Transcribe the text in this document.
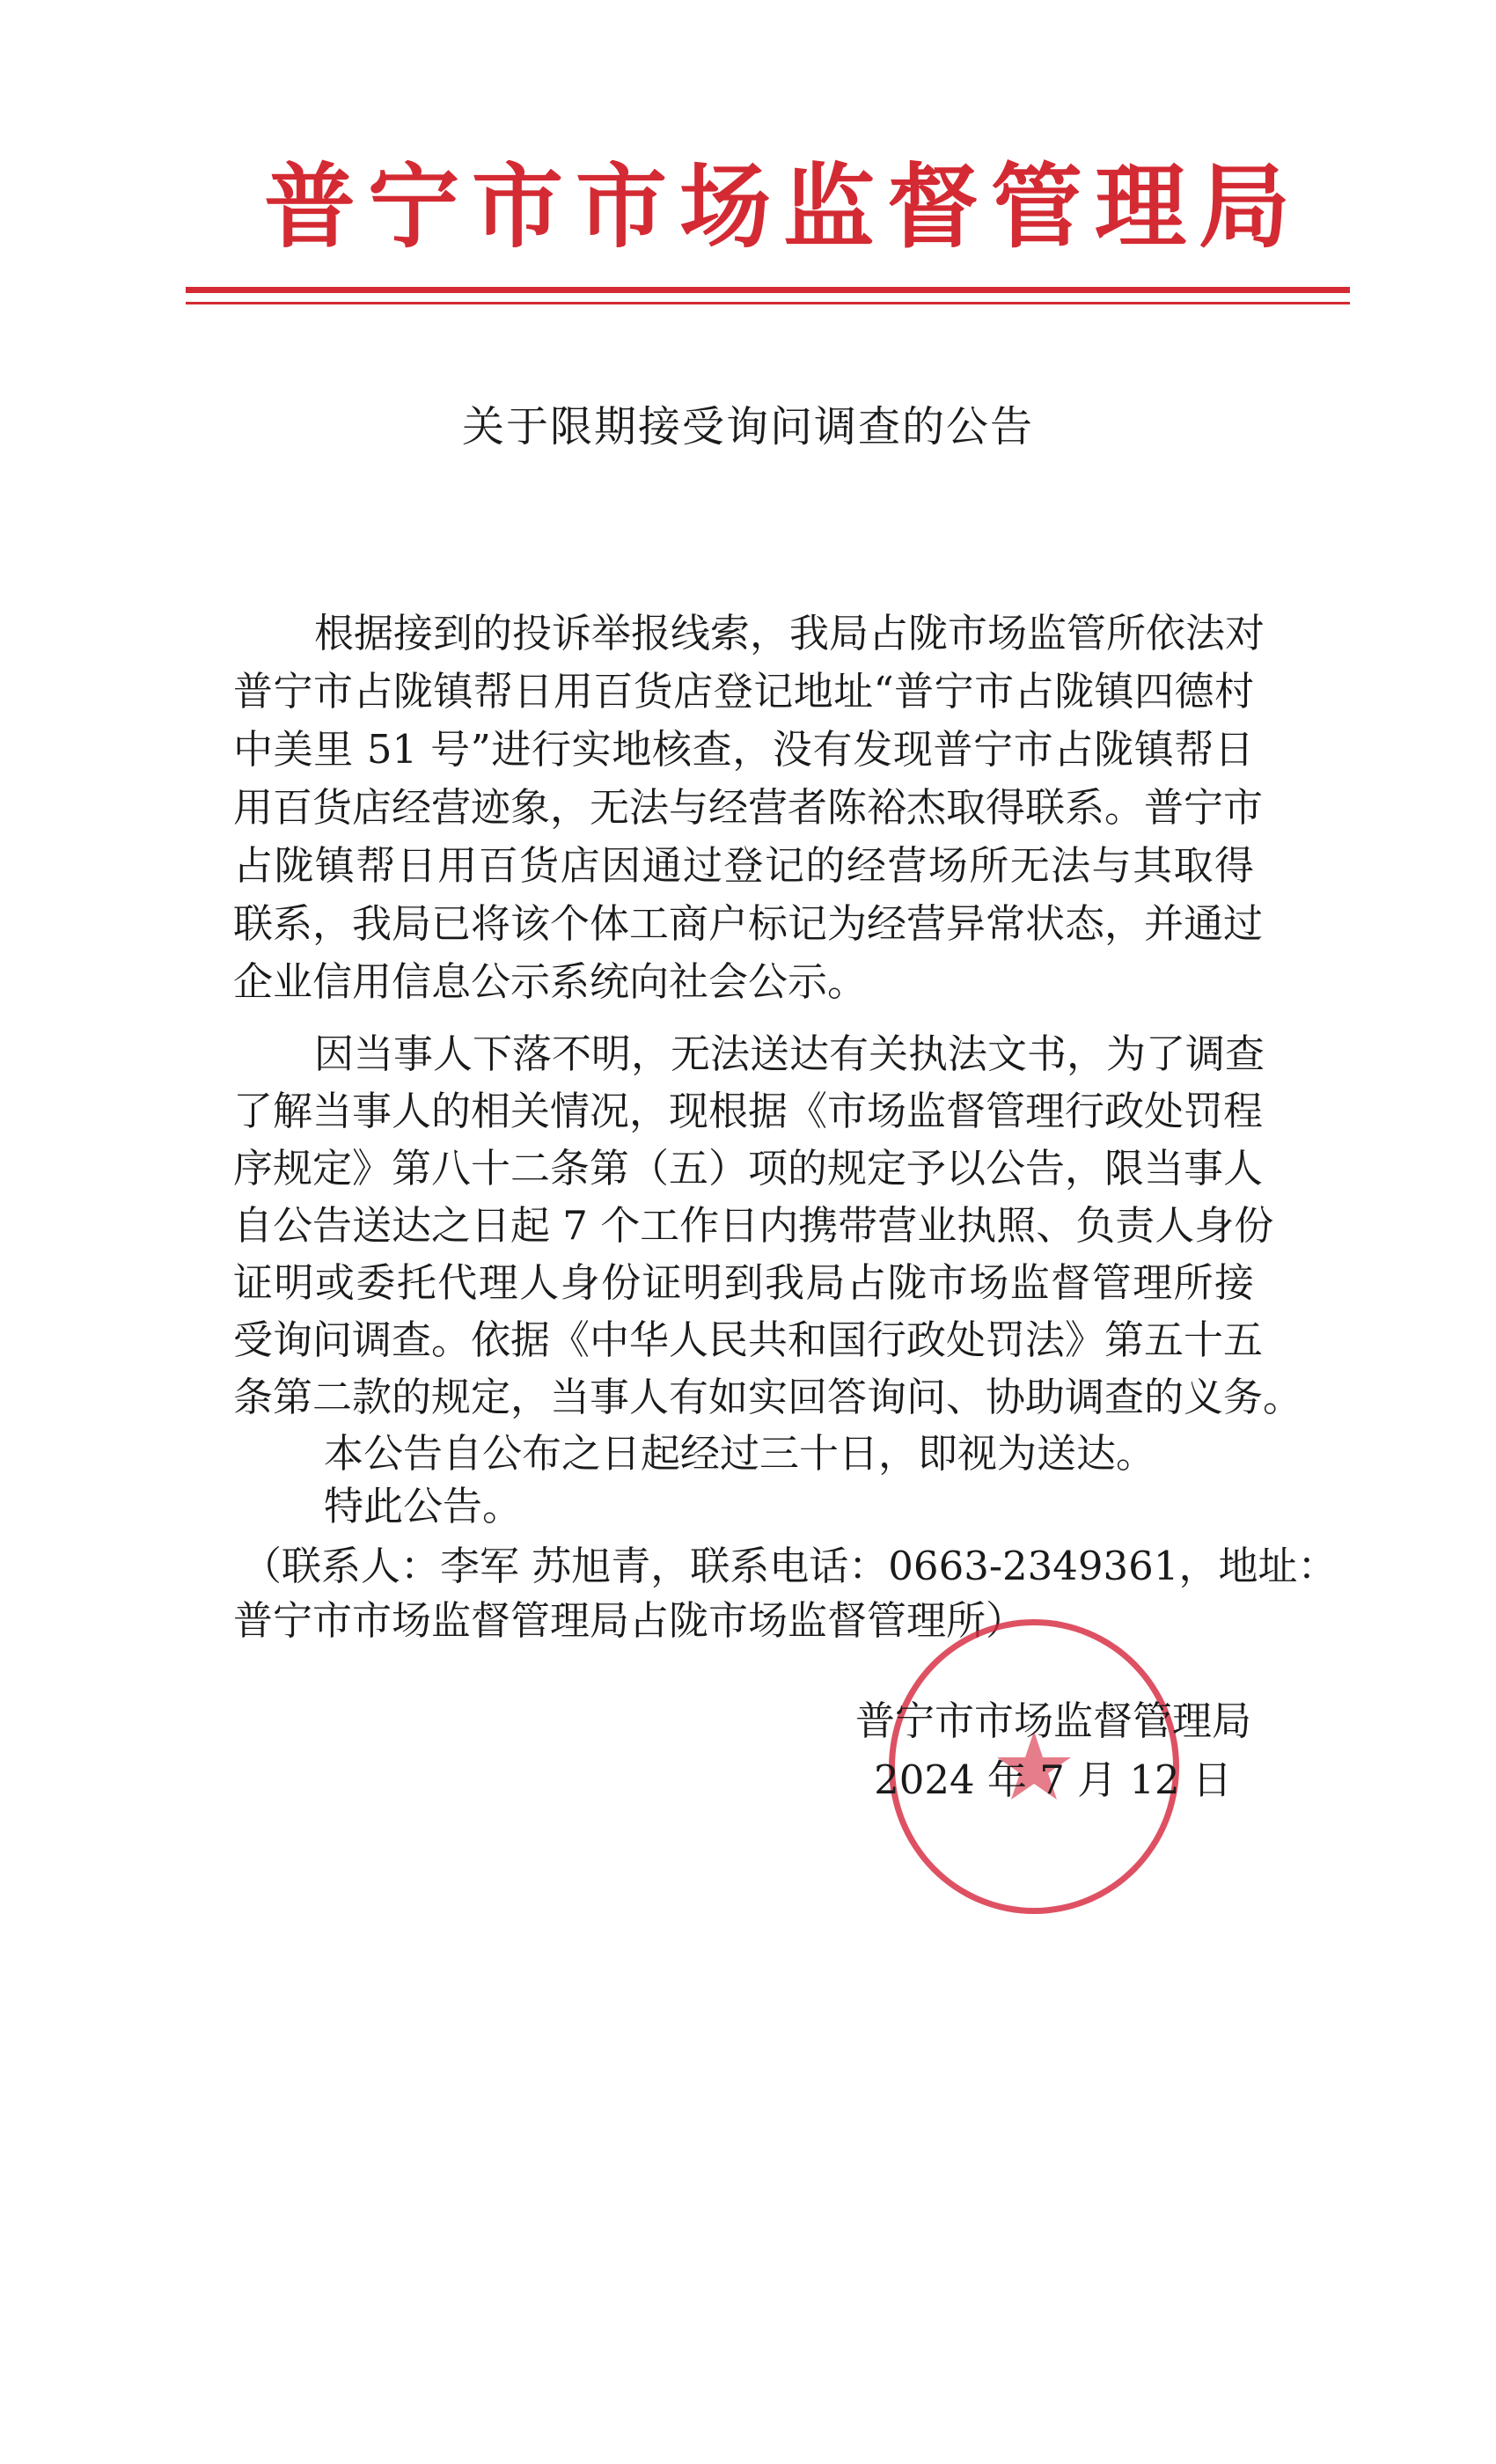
普宁市市场监督管理局
关于限期接受询问调查的公告
根据接到的投诉举报线索，我局占陇市场监管所依法对
普宁市占陇镇帮日用百货店登记地址“普宁市占陇镇四德村
中美里 51 号”进行实地核查，没有发现普宁市占陇镇帮日
用百货店经营迹象，无法与经营者陈裕杰取得联系。普宁市
占陇镇帮日用百货店因通过登记的经营场所无法与其取得
联系，我局已将该个体工商户标记为经营异常状态，并通过
企业信用信息公示系统向社会公示。
因当事人下落不明，无法送达有关执法文书，为了调查
了解当事人的相关情况，现根据《市场监督管理行政处罚程
序规定》第八十二条第（五）项的规定予以公告，限当事人
自公告送达之日起 7 个工作日内携带营业执照、负责人身份
证明或委托代理人身份证明到我局占陇市场监督管理所接
受询问调查。依据《中华人民共和国行政处罚法》第五十五
条第二款的规定，当事人有如实回答询问、协助调查的义务。
本公告自公布之日起经过三十日，即视为送达。
特此公告。
（联系人：李军 苏旭青，联系电话：0663-2349361，地址：
普宁市市场监督管理局占陇市场监督管理所）
普宁市市场监督管理局
2024 年 7 月 12 日
